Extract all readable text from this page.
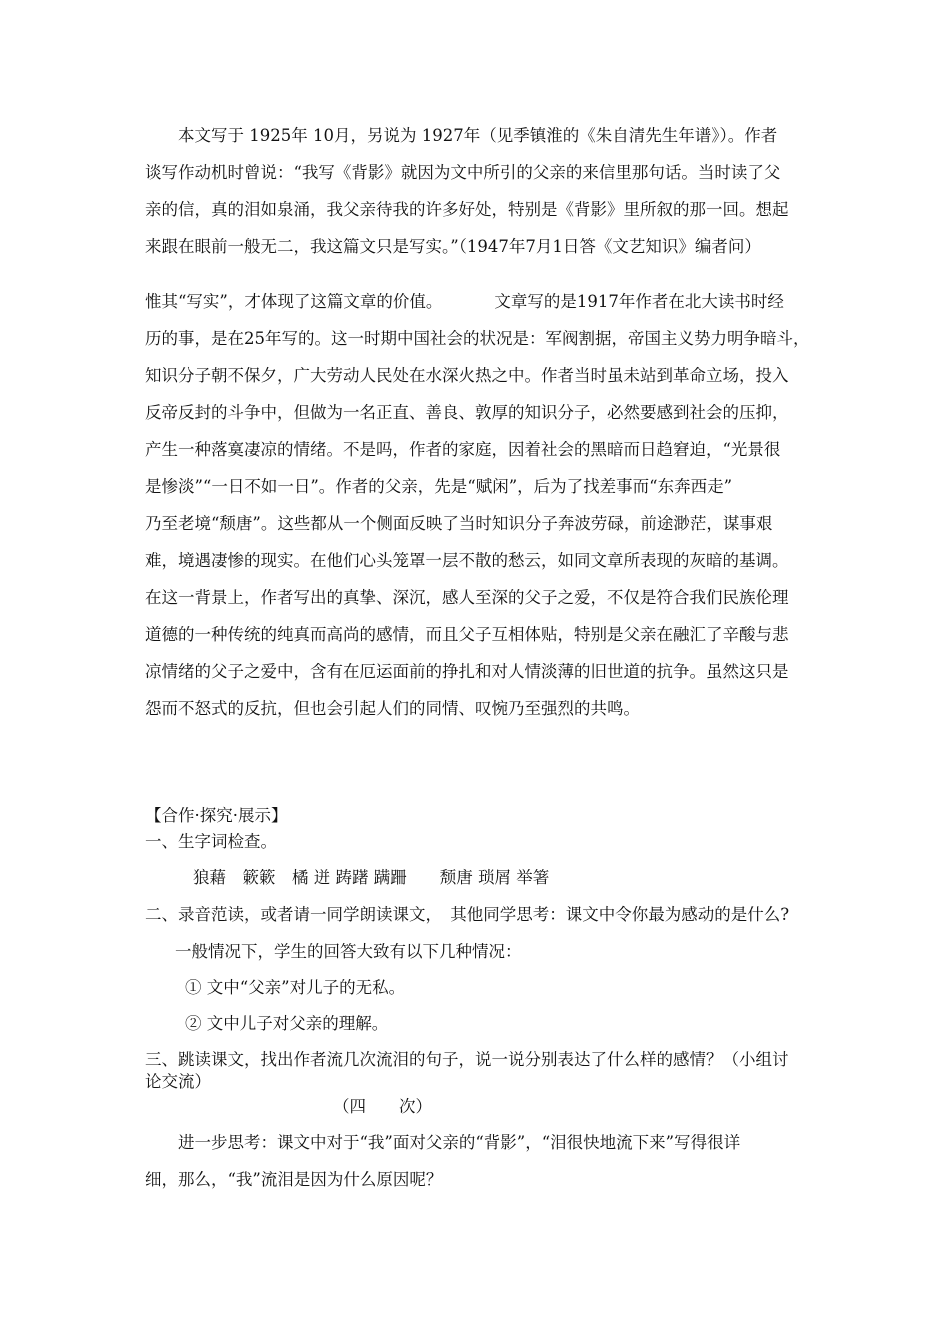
　　本文写于 1925年 10月，另说为 1927年（见季镇淮的《朱自清先生年谱》）。作者
谈写作动机时曾说：“我写《背影》就因为文中所引的父亲的来信里那句话。当时读了父
亲的信，真的泪如泉涌，我父亲待我的许多好处，特别是《背影》里所叙的那一回。想起
来跟在眼前一般无二，我这篇文只是写实。”（1947年7月1日答《文艺知识》编者问）
惟其“写实”，才体现了这篇文章的价值。	文章写的是1917年作者在北大读书时经
历的事，是在25年写的。这一时期中国社会的状况是：军阀割据，帝国主义势力明争暗斗，
知识分子朝不保夕，广大劳动人民处在水深火热之中。作者当时虽未站到革命立场，投入
反帝反封的斗争中，但做为一名正直、善良、敦厚的知识分子，必然要感到社会的压抑，
产生一种落寞凄凉的情绪。不是吗，作者的家庭，因着社会的黑暗而日趋窘迫，“光景很
是惨淡”“一日不如一日”。作者的父亲，先是“赋闲”，后为了找差事而“东奔西走”
乃至老境“颓唐”。这些都从一个侧面反映了当时知识分子奔波劳碌，前途渺茫，谋事艰
难，境遇凄惨的现实。在他们心头笼罩一层不散的愁云，如同文章所表现的灰暗的基调。
在这一背景上，作者写出的真挚、深沉，感人至深的父子之爱，不仅是符合我们民族伦理
道德的一种传统的纯真而高尚的感情，而且父子互相体贴，特别是父亲在融汇了辛酸与悲
凉情绪的父子之爱中，含有在厄运面前的挣扎和对人情淡薄的旧世道的抗争。虽然这只是
怨而不怒式的反抗，但也会引起人们的同情、叹惋乃至强烈的共鸣。
【合作·探究·展示】
一、生字词检查。
狼藉　簌簌　橘 迸 踌躇 蹒跚　　颓唐 琐屑 举箸
二、录音范读，或者请一同学朗读课文，　其他同学思考：课文中令你最为感动的是什么?
一般情况下，学生的回答大致有以下几种情况：
① 文中“父亲”对儿子的无私。
② 文中儿子对父亲的理解。
三、跳读课文，找出作者流几次流泪的句子，说一说分别表达了什么样的感情？（小组讨
论交流）
（四　　次）
　　进一步思考：课文中对于“我”面对父亲的“背影”，“泪很快地流下来”写得很详
细，那么，“我”流泪是因为什么原因呢？
